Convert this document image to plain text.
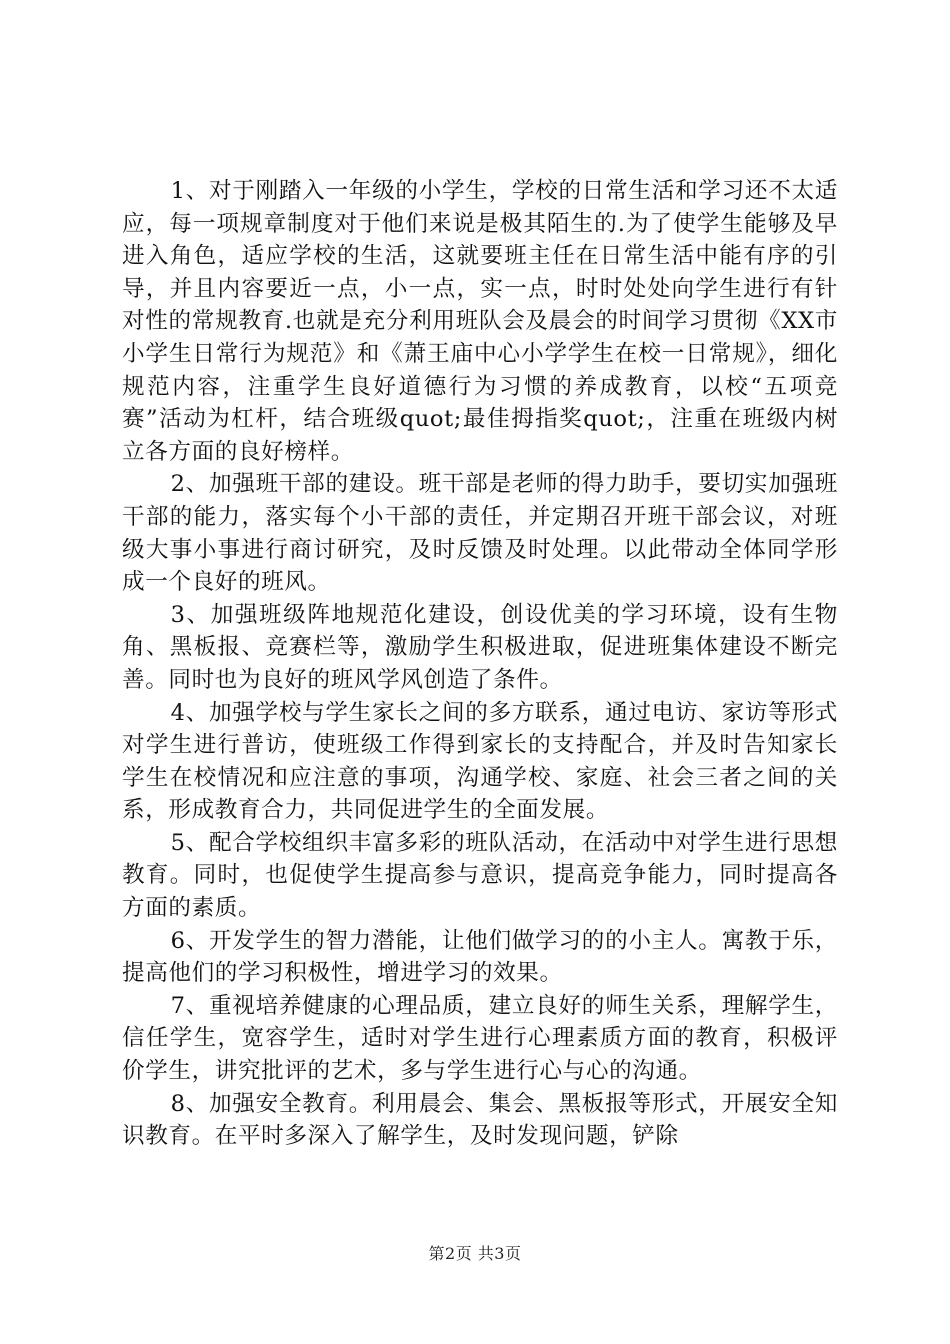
1、对于刚踏入一年级的小学生，学校的日常生活和学习还不太适应，每一项规章制度对于他们来说是极其陌生的.为了使学生能够及早进入角色，适应学校的生活，这就要班主任在日常生活中能有序的引导，并且内容要近一点，小一点，实一点，时时处处向学生进行有针对性的常规教育.也就是充分利用班队会及晨会的时间学习贯彻《XX市小学生日常行为规范》和《萧王庙中心小学学生在校一日常规》，细化规范内容，注重学生良好道德行为习惯的养成教育，以校“五项竞赛”活动为杠杆，结合班级quot;最佳拇指奖quot;，注重在班级内树立各方面的良好榜样。

2、加强班干部的建设。班干部是老师的得力助手，要切实加强班干部的能力，落实每个小干部的责任，并定期召开班干部会议，对班级大事小事进行商讨研究，及时反馈及时处理。以此带动全体同学形成一个良好的班风。

3、加强班级阵地规范化建设，创设优美的学习环境，设有生物角、黑板报、竞赛栏等，激励学生积极进取，促进班集体建设不断完善。同时也为良好的班风学风创造了条件。

4、加强学校与学生家长之间的多方联系，通过电访、家访等形式对学生进行普访，使班级工作得到家长的支持配合，并及时告知家长学生在校情况和应注意的事项，沟通学校、家庭、社会三者之间的关系，形成教育合力，共同促进学生的全面发展。

5、配合学校组织丰富多彩的班队活动，在活动中对学生进行思想教育。同时，也促使学生提高参与意识，提高竞争能力，同时提高各方面的素质。

6、开发学生的智力潜能，让他们做学习的的小主人。寓教于乐，提高他们的学习积极性，增进学习的效果。

7、重视培养健康的心理品质，建立良好的师生关系，理解学生，信任学生，宽容学生，适时对学生进行心理素质方面的教育，积极评价学生，讲究批评的艺术，多与学生进行心与心的沟通。

8、加强安全教育。利用晨会、集会、黑板报等形式，开展安全知识教育。在平时多深入了解学生，及时发现问题，铲除

第2页 共3页
